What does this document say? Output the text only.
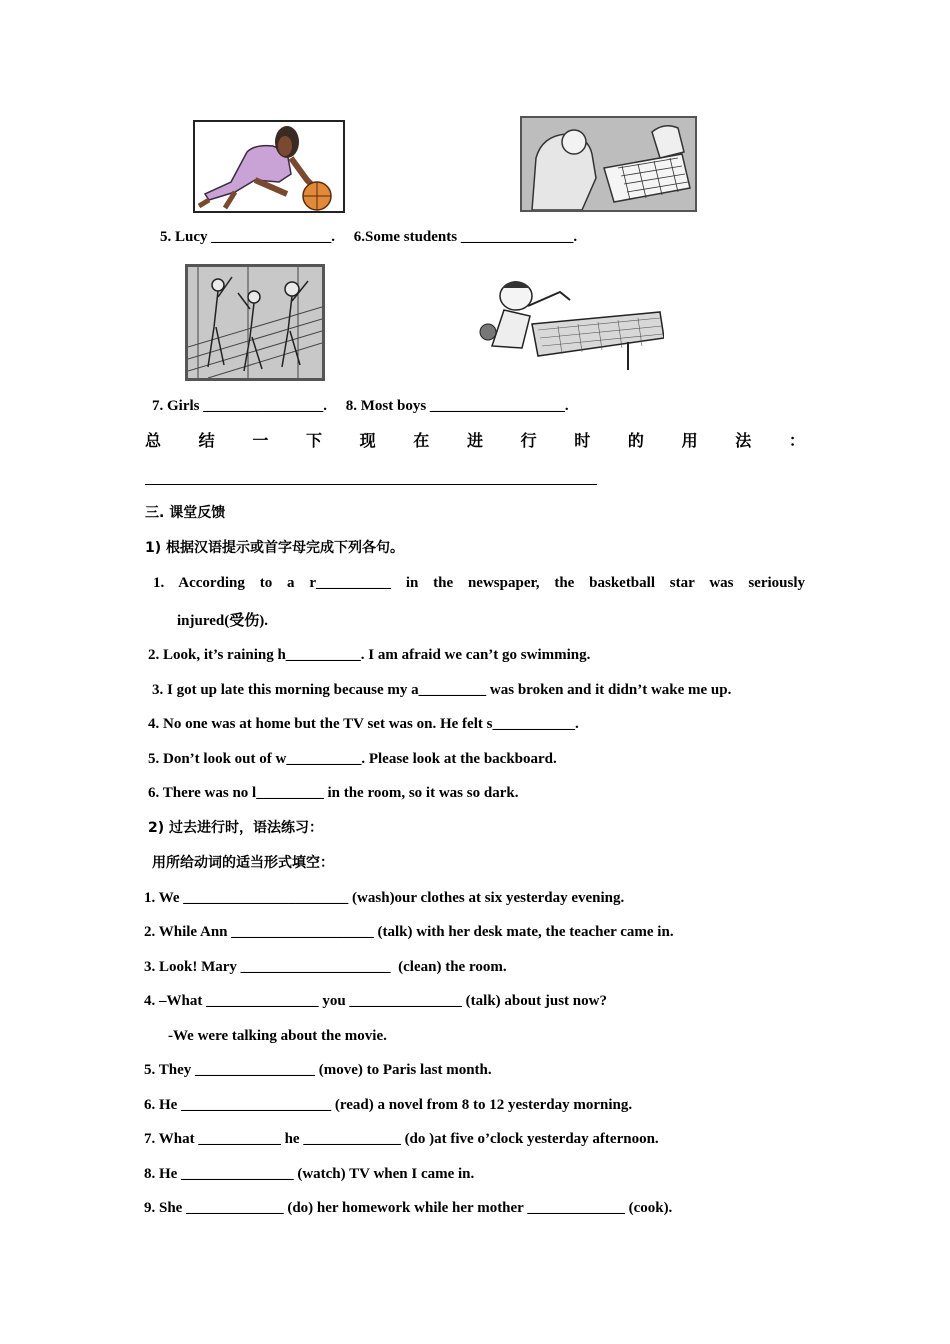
5. Lucy ________________.     6.Some students _______________.
7. Girls ________________.     8. Most boys __________________.
总 结 一 下 现 在 进 行 时 的 用 法 ：
三. 课堂反馈
1) 根据汉语提示或首字母完成下列各句。
1.  According  to  a  r__________  in  the  newspaper,  the  basketball  star  was  seriously
injured(受伤).
2. Look, it’s raining h__________. I am afraid we can’t go swimming.
3. I got up late this morning because my a_________ was broken and it didn’t wake me up.
4. No one was at home but the TV set was on. He felt s___________.
5. Don’t look out of w__________. Please look at the backboard.
6. There was no l_________ in the room, so it was so dark.
2) 过去进行时，语法练习：
用所给动词的适当形式填空：
1. We ______________________ (wash)our clothes at six yesterday evening.
2. While Ann ___________________ (talk) with her desk mate, the teacher came in.
3. Look! Mary ____________________  (clean) the room.
4. –What _______________ you _______________ (talk) about just now?
-We were talking about the movie.
5. They ________________ (move) to Paris last month.
6. He ____________________ (read) a novel from 8 to 12 yesterday morning.
7. What ___________ he _____________ (do )at five o’clock yesterday afternoon.
8. He _______________ (watch) TV when I came in.
9. She _____________ (do) her homework while her mother _____________ (cook).
